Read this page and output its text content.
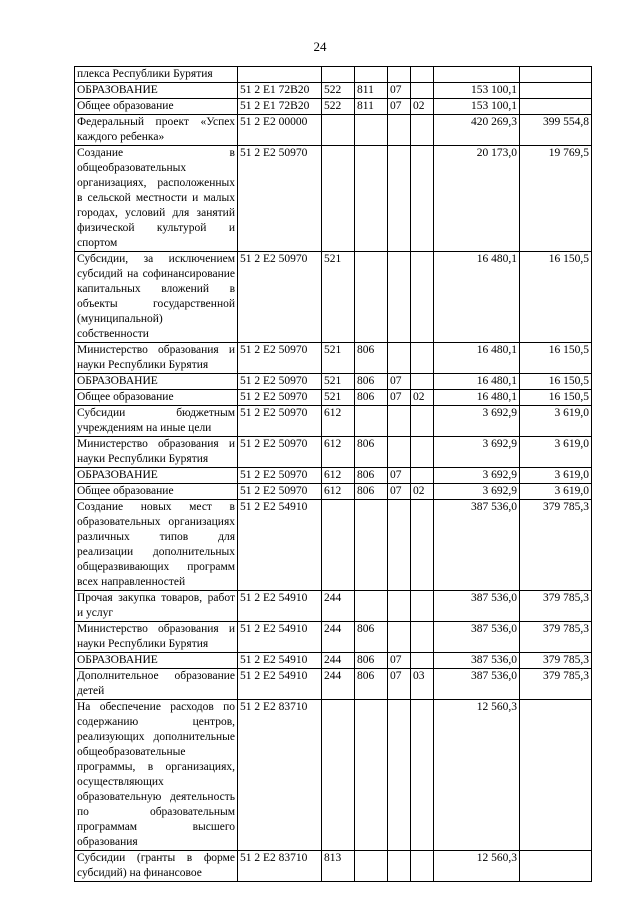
24
плекса Республики Бурятия							
ОБРАЗОВАНИЕ	51 2 E1 72B20	522	811	07		153 100,1	
Общее образование	51 2 E1 72B20	522	811	07	02	153 100,1	
Федеральный проект «Успех каждого ребенка»	51 2 E2 00000					420 269,3	399 554,8
Создание в общеобразовательных организациях, расположенных в сельской местности и малых городах, условий для занятий физической культурой и спортом	51 2 E2 50970					20 173,0	19 769,5
Субсидии, за исключением субсидий на софинансирование капитальных вложений в объекты государственной (муниципальной) собственности	51 2 E2 50970	521				16 480,1	16 150,5
Министерство образования и науки Республики Бурятия	51 2 E2 50970	521	806			16 480,1	16 150,5
ОБРАЗОВАНИЕ	51 2 E2 50970	521	806	07		16 480,1	16 150,5
Общее образование	51 2 E2 50970	521	806	07	02	16 480,1	16 150,5
Субсидии бюджетным учреждениям на иные цели	51 2 E2 50970	612				3 692,9	3 619,0
Министерство образования и науки Республики Бурятия	51 2 E2 50970	612	806			3 692,9	3 619,0
ОБРАЗОВАНИЕ	51 2 E2 50970	612	806	07		3 692,9	3 619,0
Общее образование	51 2 E2 50970	612	806	07	02	3 692,9	3 619,0
Создание новых мест в образовательных организациях различных типов для реализации дополнительных общеразвивающих программ всех направленностей	51 2 E2 54910					387 536,0	379 785,3
Прочая закупка товаров, работ и услуг	51 2 E2 54910	244				387 536,0	379 785,3
Министерство образования и науки Республики Бурятия	51 2 E2 54910	244	806			387 536,0	379 785,3
ОБРАЗОВАНИЕ	51 2 E2 54910	244	806	07		387 536,0	379 785,3
Дополнительное образование детей	51 2 E2 54910	244	806	07	03	387 536,0	379 785,3
На обеспечение расходов по содержанию центров, реализующих дополнительные общеобразовательные программы, в организациях, осуществляющих образовательную деятельность по образовательным программам высшего образования	51 2 E2 83710					12 560,3	
Субсидии (гранты в форме субсидий) на финансовое	51 2 E2 83710	813				12 560,3	
